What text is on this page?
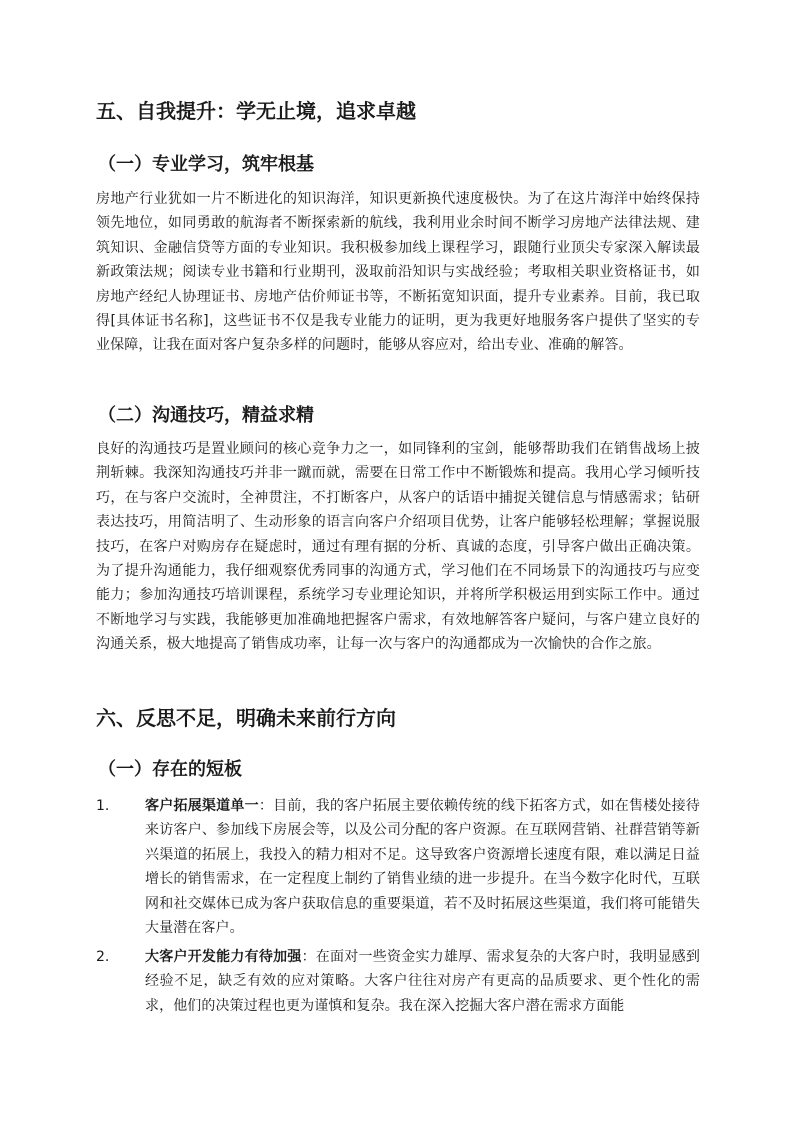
五、自我提升：学无止境，追求卓越
（一）专业学习，筑牢根基

房地产行业犹如一片不断进化的知识海洋，知识更新换代速度极快。为了在这片海洋中始终保持领先地位，如同勇敢的航海者不断探索新的航线，我利用业余时间不断学习房地产法律法规、建筑知识、金融信贷等方面的专业知识。我积极参加线上课程学习，跟随行业顶尖专家深入解读最新政策法规；阅读专业书籍和行业期刊，汲取前沿知识与实战经验；考取相关职业资格证书，如房地产经纪人协理证书、房地产估价师证书等，不断拓宽知识面，提升专业素养。目前，我已取得[具体证书名称]，这些证书不仅是我专业能力的证明，更为我更好地服务客户提供了坚实的专业保障，让我在面对客户复杂多样的问题时，能够从容应对，给出专业、准确的解答。

（二）沟通技巧，精益求精

良好的沟通技巧是置业顾问的核心竞争力之一，如同锋利的宝剑，能够帮助我们在销售战场上披荆斩棘。我深知沟通技巧并非一蹴而就，需要在日常工作中不断锻炼和提高。我用心学习倾听技巧，在与客户交流时，全神贯注，不打断客户，从客户的话语中捕捉关键信息与情感需求；钻研表达技巧，用简洁明了、生动形象的语言向客户介绍项目优势，让客户能够轻松理解；掌握说服技巧，在客户对购房存在疑虑时，通过有理有据的分析、真诚的态度，引导客户做出正确决策。为了提升沟通能力，我仔细观察优秀同事的沟通方式，学习他们在不同场景下的沟通技巧与应变能力；参加沟通技巧培训课程，系统学习专业理论知识，并将所学积极运用到实际工作中。通过不断地学习与实践，我能够更加准确地把握客户需求，有效地解答客户疑问，与客户建立良好的沟通关系，极大地提高了销售成功率，让每一次与客户的沟通都成为一次愉快的合作之旅。

六、反思不足，明确未来前行方向
（一）存在的短板
1.	客户拓展渠道单一：目前，我的客户拓展主要依赖传统的线下拓客方式，如在售楼处接待来访客户、参加线下房展会等，以及公司分配的客户资源。在互联网营销、社群营销等新兴渠道的拓展上，我投入的精力相对不足。这导致客户资源增长速度有限，难以满足日益增长的销售需求，在一定程度上制约了销售业绩的进一步提升。在当今数字化时代，互联网和社交媒体已成为客户获取信息的重要渠道，若不及时拓展这些渠道，我们将可能错失大量潜在客户。
2.	大客户开发能力有待加强：在面对一些资金实力雄厚、需求复杂的大客户时，我明显感到经验不足，缺乏有效的应对策略。大客户往往对房产有更高的品质要求、更个性化的需求，他们的决策过程也更为谨慎和复杂。我在深入挖掘大客户潜在需求方面能
